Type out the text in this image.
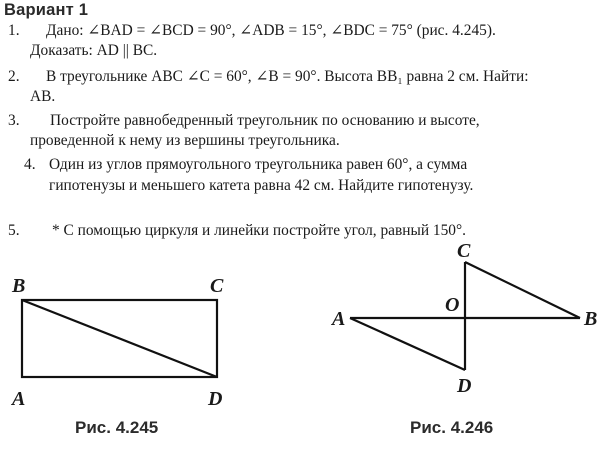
Вариант 1
1. Дано: ∠BAD = ∠BCD = 90°, ∠ADB = 15°, ∠BDC = 75° (рис. 4.245).
Доказать: AD || BC.
2. В треугольнике ABC ∠C = 60°, ∠B = 90°. Высота BB₁ равна 2 см. Найти:
AB.
3. Постройте равнобедренный треугольник по основанию и высоте,
проведенной к нему из вершины треугольника.
4. Один из углов прямоугольного треугольника равен 60°, а сумма
гипотенузы и меньшего катета равна 42 см. Найдите гипотенузу.
5. * С помощью циркуля и линейки постройте угол, равный 150°.
B	C
A	D
C
O
A	B
D
Рис. 4.245	Рис. 4.246
